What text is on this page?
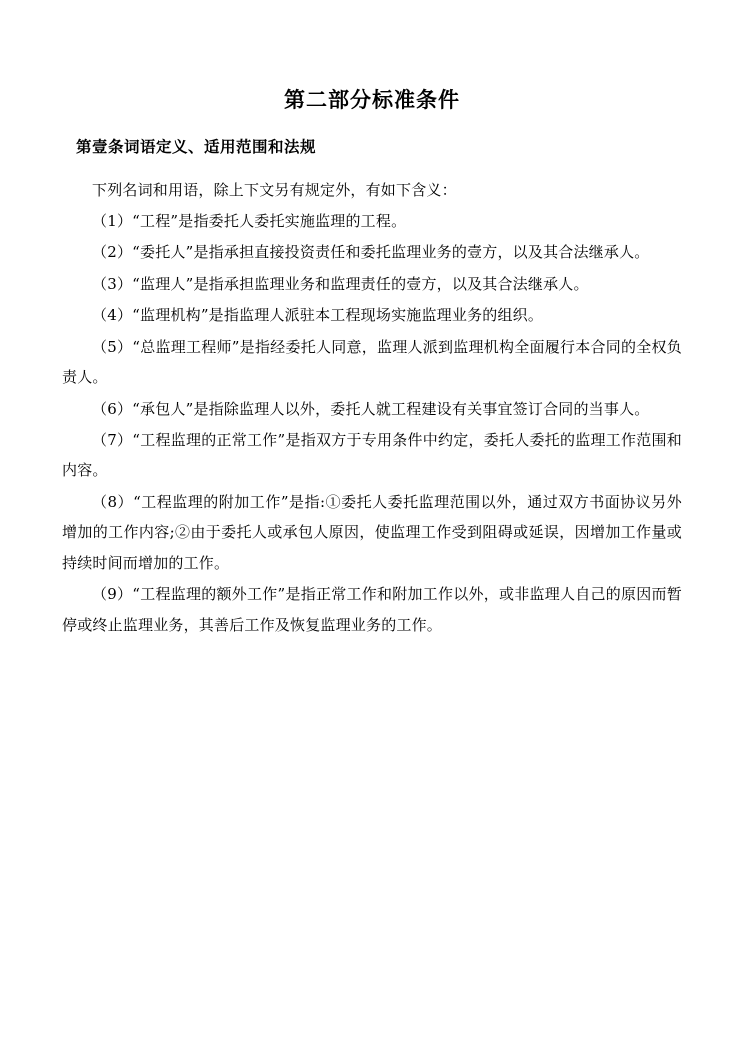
第二部分标准条件
第壹条词语定义、适用范围和法规

下列名词和用语，除上下文另有规定外，有如下含义：

（1）“工程”是指委托人委托实施监理的工程。

（2）“委托人”是指承担直接投资责任和委托监理业务的壹方，以及其合法继承人。

（3）“监理人”是指承担监理业务和监理责任的壹方，以及其合法继承人。

（4）“监理机构”是指监理人派驻本工程现场实施监理业务的组织。

（5）“总监理工程师”是指经委托人同意，监理人派到监理机构全面履行本合同的全权负责人。

（6）“承包人”是指除监理人以外，委托人就工程建设有关事宜签订合同的当事人。

（7）“工程监理的正常工作”是指双方于专用条件中约定，委托人委托的监理工作范围和内容。

（8）“工程监理的附加工作”是指:①委托人委托监理范围以外，通过双方书面协议另外增加的工作内容;②由于委托人或承包人原因，使监理工作受到阻碍或延误，因增加工作量或持续时间而增加的工作。

（9）“工程监理的额外工作”是指正常工作和附加工作以外，或非监理人自己的原因而暂停或终止监理业务，其善后工作及恢复监理业务的工作。
